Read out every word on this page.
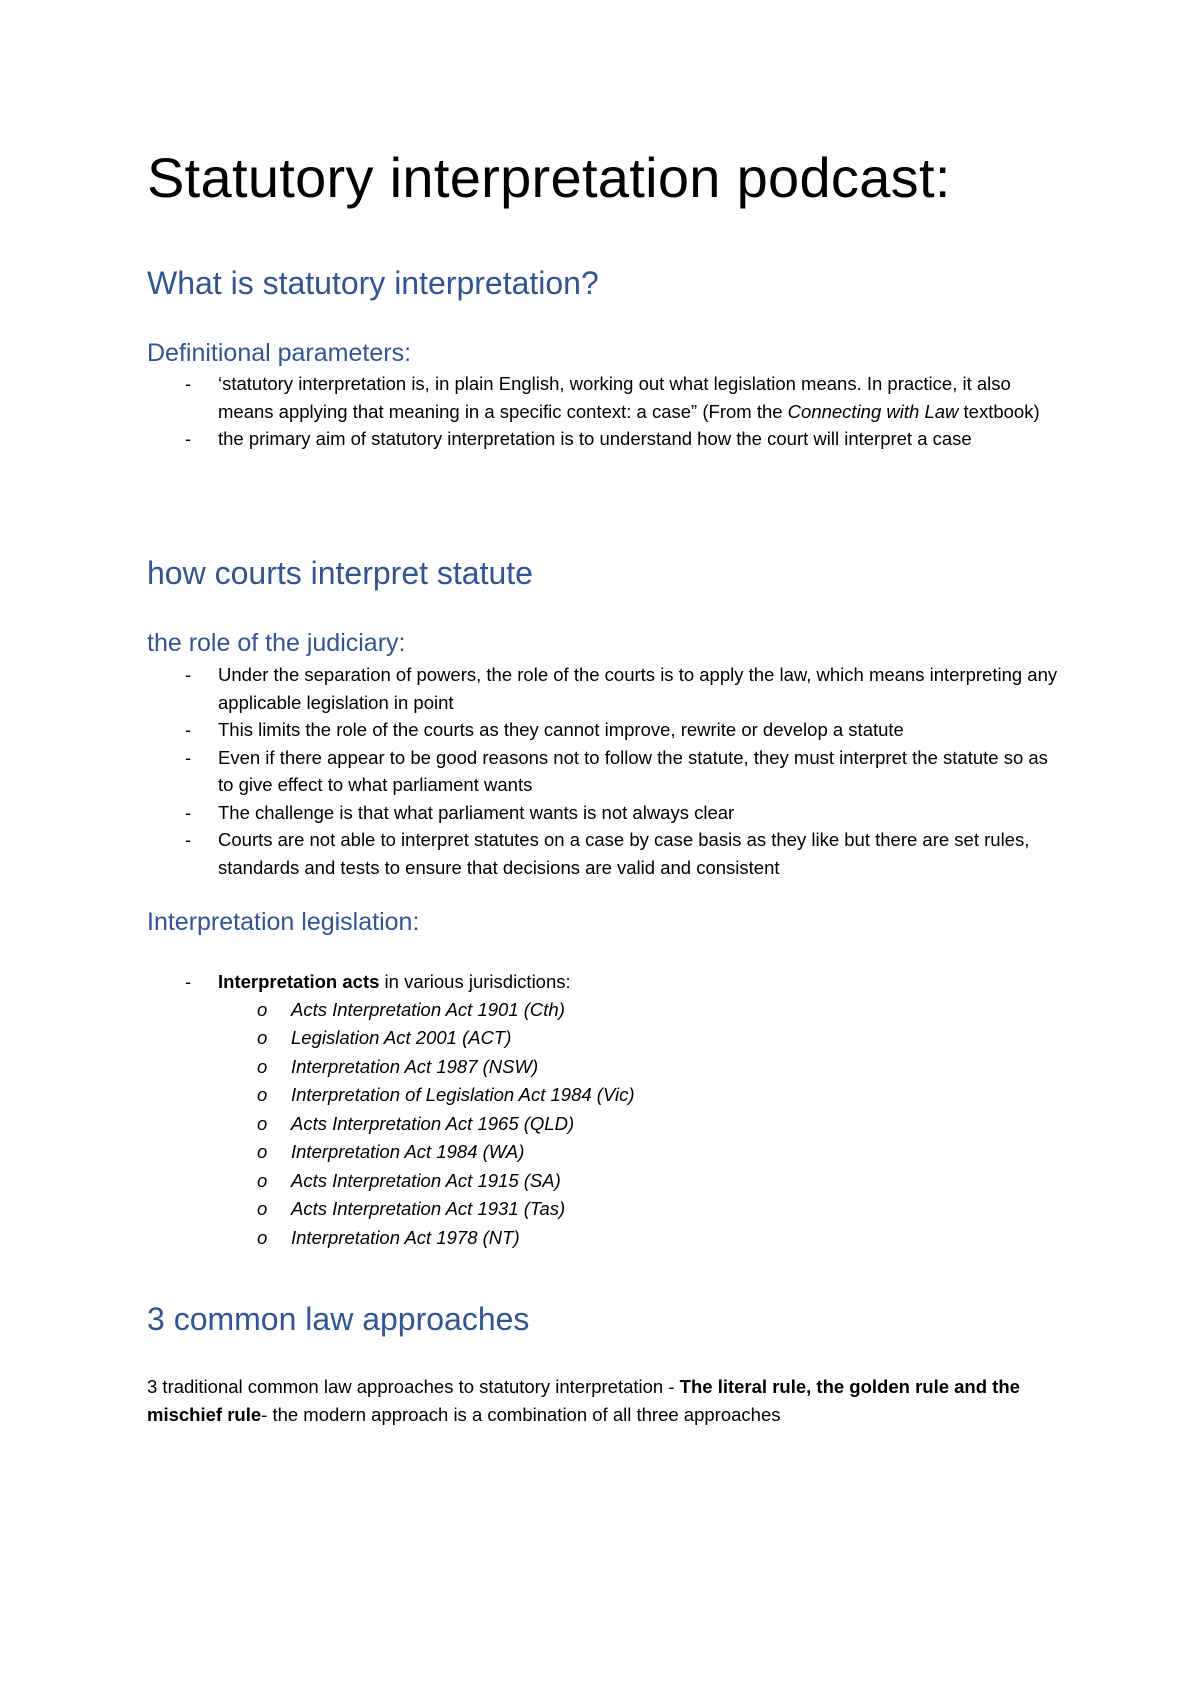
Statutory interpretation podcast:
What is statutory interpretation?
Definitional parameters:
- ‘statutory interpretation is, in plain English, working out what legislation means. In practice, it also means applying that meaning in a specific context: a case” (From the Connecting with Law textbook)
- the primary aim of statutory interpretation is to understand how the court will interpret a case
how courts interpret statute
the role of the judiciary:
- Under the separation of powers, the role of the courts is to apply the law, which means interpreting any applicable legislation in point
- This limits the role of the courts as they cannot improve, rewrite or develop a statute
- Even if there appear to be good reasons not to follow the statute, they must interpret the statute so as to give effect to what parliament wants
- The challenge is that what parliament wants is not always clear
- Courts are not able to interpret statutes on a case by case basis as they like but there are set rules, standards and tests to ensure that decisions are valid and consistent
Interpretation legislation:
- Interpretation acts in various jurisdictions:
o Acts Interpretation Act 1901 (Cth)
o Legislation Act 2001 (ACT)
o Interpretation Act 1987 (NSW)
o Interpretation of Legislation Act 1984 (Vic)
o Acts Interpretation Act 1965 (QLD)
o Interpretation Act 1984 (WA)
o Acts Interpretation Act 1915 (SA)
o Acts Interpretation Act 1931 (Tas)
o Interpretation Act 1978 (NT)
3 common law approaches

3 traditional common law approaches to statutory interpretation - The literal rule, the golden rule and the mischief rule- the modern approach is a combination of all three approaches
